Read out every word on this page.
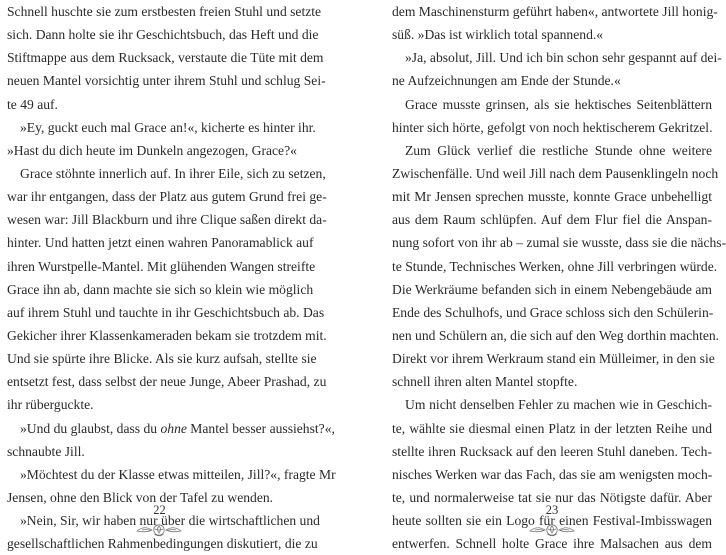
Schnell huschte sie zum erstbesten freien Stuhl und setzte
sich. Dann holte sie ihr Geschichtsbuch, das Heft und die
Stiftmappe aus dem Rucksack, verstaute die Tüte mit dem
neuen Mantel vorsichtig unter ihrem Stuhl und schlug Sei-
te 49 auf.
»Ey, guckt euch mal Grace an!«, kicherte es hinter ihr.
»Hast du dich heute im Dunkeln angezogen, Grace?«
Grace stöhnte innerlich auf. In ihrer Eile, sich zu setzen,
war ihr entgangen, dass der Platz aus gutem Grund frei ge-
wesen war: Jill Blackburn und ihre Clique saßen direkt da-
hinter. Und hatten jetzt einen wahren Panoramablick auf
ihren Wurstpelle-Mantel. Mit glühenden Wangen streifte
Grace ihn ab, dann machte sie sich so klein wie möglich
auf ihrem Stuhl und tauchte in ihr Geschichtsbuch ab. Das
Gekicher ihrer Klassenkameraden bekam sie trotzdem mit.
Und sie spürte ihre Blicke. Als sie kurz aufsah, stellte sie
entsetzt fest, dass selbst der neue Junge, Abeer Prashad, zu
ihr rüberguckte.
»Und du glaubst, dass du ohne Mantel besser aussiehst?«,
schnaubte Jill.
»Möchtest du der Klasse etwas mitteilen, Jill?«, fragte Mr
Jensen, ohne den Blick von der Tafel zu wenden.
»Nein, Sir, wir haben nur über die wirtschaftlichen und
gesellschaftlichen Rahmenbedingungen diskutiert, die zu
22
dem Maschinensturm geführt haben«, antwortete Jill honig-
süß. »Das ist wirklich total spannend.«
»Ja, absolut, Jill. Und ich bin schon sehr gespannt auf dei-
ne Aufzeichnungen am Ende der Stunde.«
Grace musste grinsen, als sie hektisches Seitenblättern
hinter sich hörte, gefolgt von noch hektischerem Gekritzel.
Zum Glück verlief die restliche Stunde ohne weitere
Zwischenfälle. Und weil Jill nach dem Pausenklingeln noch
mit Mr Jensen sprechen musste, konnte Grace unbehelligt
aus dem Raum schlüpfen. Auf dem Flur fiel die Anspan-
nung sofort von ihr ab – zumal sie wusste, dass sie die nächs-
te Stunde, Technisches Werken, ohne Jill verbringen würde.
Die Werkräume befanden sich in einem Nebengebäude am
Ende des Schulhofs, und Grace schloss sich den Schülerin-
nen und Schülern an, die sich auf den Weg dorthin machten.
Direkt vor ihrem Werkraum stand ein Mülleimer, in den sie
schnell ihren alten Mantel stopfte.
Um nicht denselben Fehler zu machen wie in Geschich-
te, wählte sie diesmal einen Platz in der letzten Reihe und
stellte ihren Rucksack auf den leeren Stuhl daneben. Tech-
nisches Werken war das Fach, das sie am wenigsten moch-
te, und normalerweise tat sie nur das Nötigste dafür. Aber
heute sollten sie ein Logo für einen Festival-Imbisswagen
entwerfen. Schnell holte Grace ihre Malsachen aus dem
23
